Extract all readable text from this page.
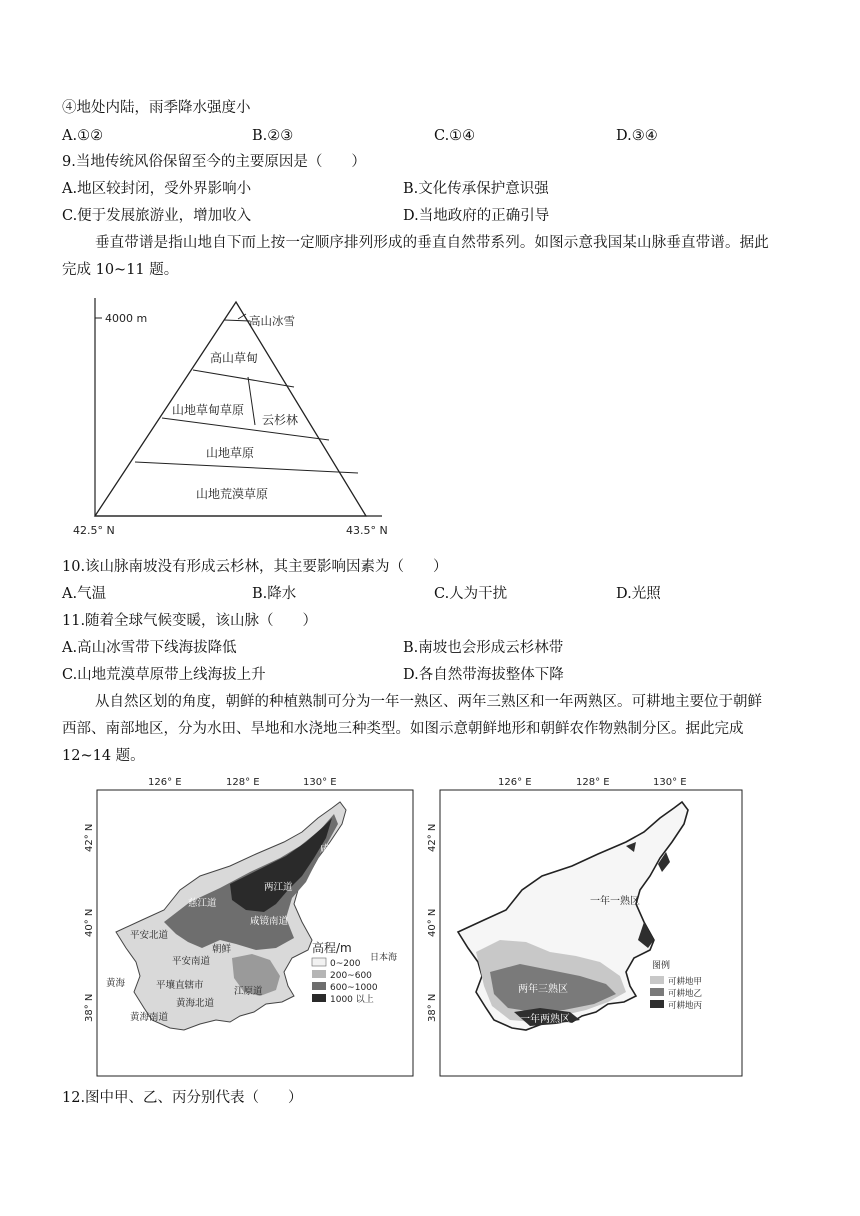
④地处内陆，雨季降水强度小
A.①②	B.②③	C.①④	D.③④
9.当地传统风俗保留至今的主要原因是（　　）
A.地区较封闭，受外界影响小	B.文化传承保护意识强
C.便于发展旅游业，增加收入	D.当地政府的正确引导
垂直带谱是指山地自下而上按一定顺序排列形成的垂直自然带系列。如图示意我国某山脉垂直带谱。据此
完成 10~11 题。
4000 m	高山冰雪
高山草甸
山地草甸草原
云杉林
山地草原
山地荒漠草原
42.5° N	43.5° N
10.该山脉南坡没有形成云杉林，其主要影响因素为（　　）
A.气温	B.降水	C.人为干扰	D.光照
11.随着全球气候变暖，该山脉（　　）
A.高山冰雪带下线海拔降低	B.南坡也会形成云杉林带
C.山地荒漠草原带上线海拔上升	D.各自然带海拔整体下降
从自然区划的角度，朝鲜的种植熟制可分为一年一熟区、两年三熟区和一年两熟区。可耕地主要位于朝鲜
西部、南部地区，分为水田、旱地和水浇地三种类型。如图示意朝鲜地形和朝鲜农作物熟制分区。据此完成
12~14 题。
126° E	128° E	130° E
42° N
40° N
38° N
咸镜北道
两江道
慈江道
咸镜南道
平安北道
朝鲜
平安南道
平壤直辖市
黄海北道
江原道
黄海南道
黄海
日本海
高程/m
0~200
200~600
600~1000
1000 以上
126° E	128° E	130° E
42° N
40° N
38° N
一年一熟区
两年三熟区
一年两熟区
图例
可耕地甲
可耕地乙
可耕地丙
12.图中甲、乙、丙分别代表（　　）
